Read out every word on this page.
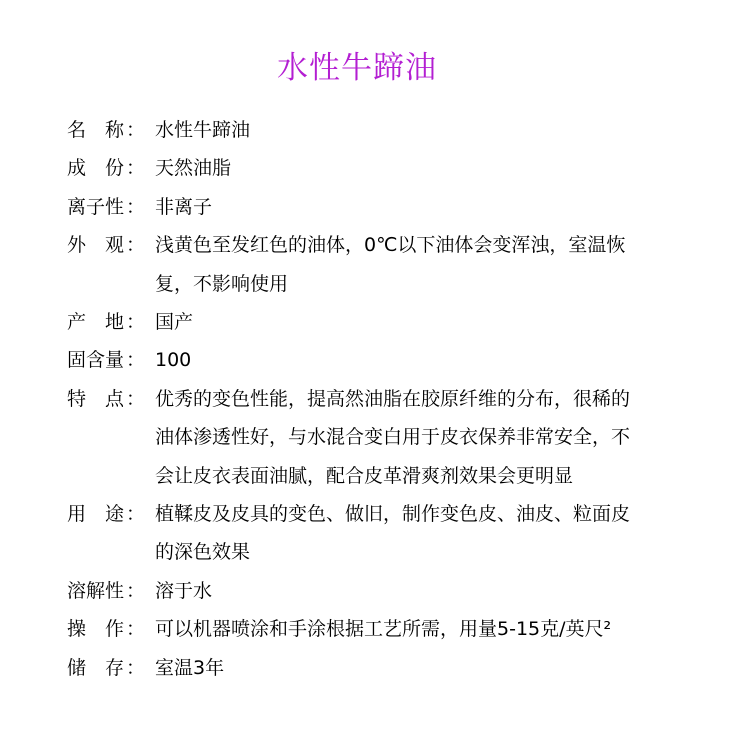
水性牛蹄油
名 称 ： 水性牛蹄油
成 份 ： 天然油脂
离 子 性 ： 非离子
外 观 ： 浅黄色至发红色的油体，0℃以下油体会变浑浊，室温恢
复，不影响使用
产 地 ： 国产
固 含 量 ： 100
特 点 ： 优秀的变色性能，提高然油脂在胶原纤维的分布，很稀的
油体渗透性好，与水混合变白用于皮衣保养非常安全，不
会让皮衣表面油腻，配合皮革滑爽剂效果会更明显
用 途 ： 植鞣皮及皮具的变色、做旧，制作变色皮、油皮、粒面皮
的深色效果
溶 解 性 ： 溶于水
操 作 ： 可以机器喷涂和手涂根据工艺所需，用量5-15克/英尺²
储 存 ： 室温3年
